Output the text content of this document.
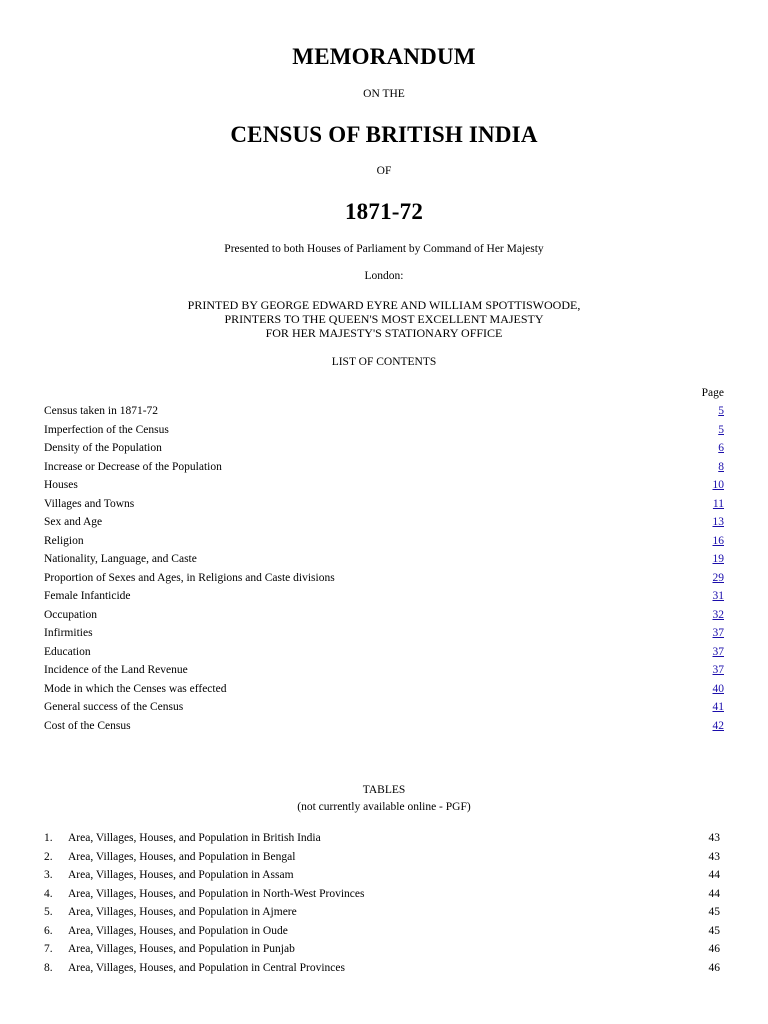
MEMORANDUM
ON THE
CENSUS OF BRITISH INDIA
OF
1871-72
Presented to both Houses of Parliament by Command of Her Majesty
London:
PRINTED BY GEORGE EDWARD EYRE AND WILLIAM SPOTTISWOODE,
PRINTERS TO THE QUEEN'S MOST EXCELLENT MAJESTY
FOR HER MAJESTY'S STATIONARY OFFICE
LIST OF CONTENTS
Page
Census taken in 1871-72	5
Imperfection of the Census	5
Density of the Population	6
Increase or Decrease of the Population	8
Houses	10
Villages and Towns	11
Sex and Age	13
Religion	16
Nationality, Language, and Caste	19
Proportion of Sexes and Ages, in Religions and Caste divisions	29
Female Infanticide	31
Occupation	32
Infirmities	37
Education	37
Incidence of the Land Revenue	37
Mode in which the Censes was effected	40
General success of the Census	41
Cost of the Census	42
TABLES
(not currently available online - PGF)
1. Area, Villages, Houses, and Population in British India	43
2. Area, Villages, Houses, and Population in Bengal	43
3. Area, Villages, Houses, and Population in Assam	44
4. Area, Villages, Houses, and Population in North-West Provinces	44
5. Area, Villages, Houses, and Population in Ajmere	45
6. Area, Villages, Houses, and Population in Oude	45
7. Area, Villages, Houses, and Population in Punjab	46
8. Area, Villages, Houses, and Population in Central Provinces	46
